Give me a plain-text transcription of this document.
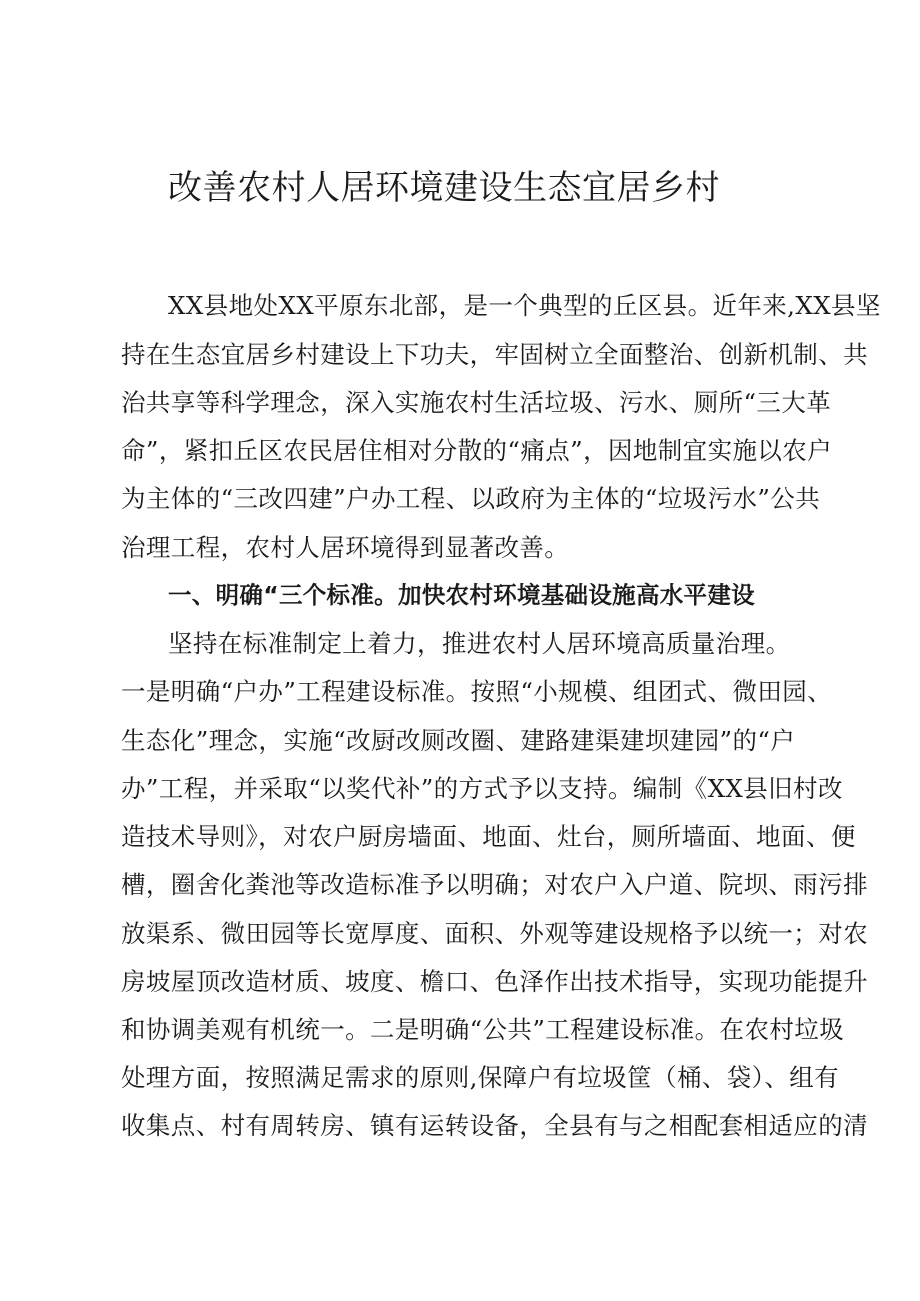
改善农村人居环境建设生态宜居乡村
XX县地处XX平原东北部，是一个典型的丘区县。近年来,XX县坚
持在生态宜居乡村建设上下功夫，牢固树立全面整治、创新机制、共
治共享等科学理念，深入实施农村生活垃圾、污水、厕所“三大革
命”，紧扣丘区农民居住相对分散的“痛点”，因地制宜实施以农户
为主体的“三改四建”户办工程、以政府为主体的“垃圾污水”公共
治理工程，农村人居环境得到显著改善。
一、明确“三个标准。加快农村环境基础设施高水平建设
坚持在标准制定上着力，推进农村人居环境高质量治理。
一是明确“户办”工程建设标准。按照“小规模、组团式、微田园、
生态化”理念，实施“改厨改厕改圈、建路建渠建坝建园”的“户
办”工程，并采取“以奖代补”的方式予以支持。编制《XX县旧村改
造技术导则》，对农户厨房墙面、地面、灶台，厕所墙面、地面、便
槽，圈舍化粪池等改造标准予以明确；对农户入户道、院坝、雨污排
放渠系、微田园等长宽厚度、面积、外观等建设规格予以统一；对农
房坡屋顶改造材质、坡度、檐口、色泽作出技术指导，实现功能提升
和协调美观有机统一。二是明确“公共”工程建设标准。在农村垃圾
处理方面，按照满足需求的原则,保障户有垃圾筐（桶、袋）、组有
收集点、村有周转房、镇有运转设备，全县有与之相配套相适应的清
